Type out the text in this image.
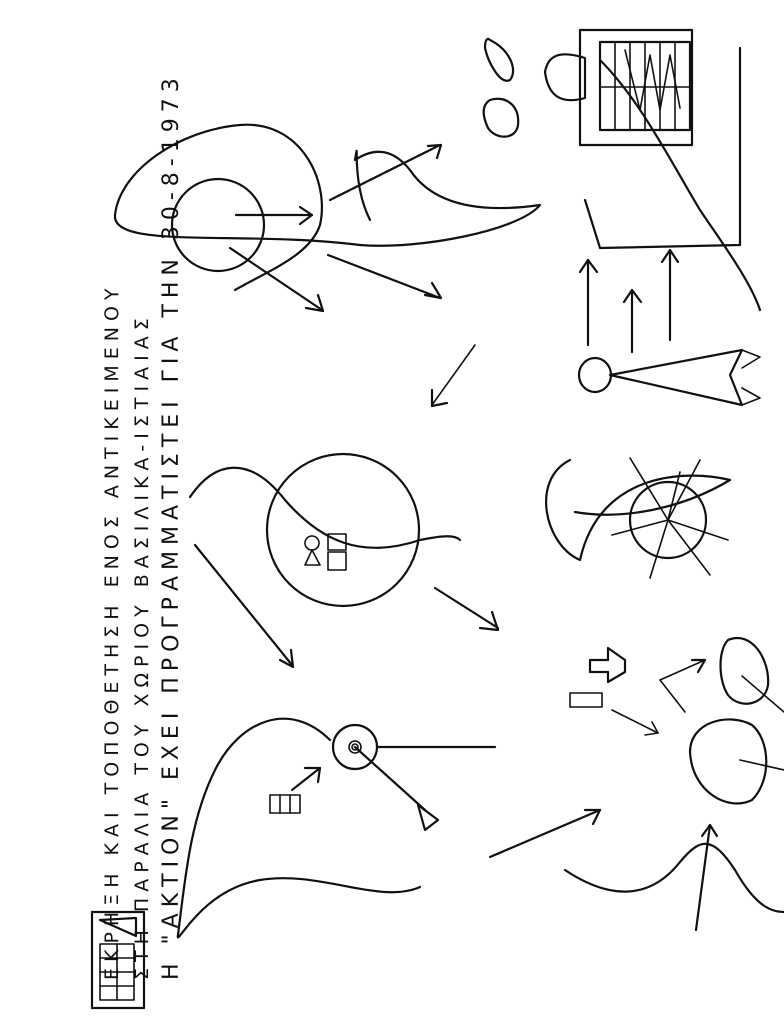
ΕΚΡΗΞΗ ΚΑΙ ΤΟΠΟΘΕΤΗΣΗ ΕΝΟΣ ΑΝΤΙΚΕΙΜΕΝΟΥ ΣΤΗ ΠΑΡΑΛΙΑ ΤΟΥ ΧΩΡΙΟΥ ΒΑΣΙΛΙΚΑ-ΙΣΤΙΑΙΑΣ Η "ΑΚΤΙΟΝ" ΕΧΕΙ ΠΡΟΓΡΑΜΜΑΤΙΣΤΕΙ ΓΙΑ ΤΗΝ 30-8-1973
